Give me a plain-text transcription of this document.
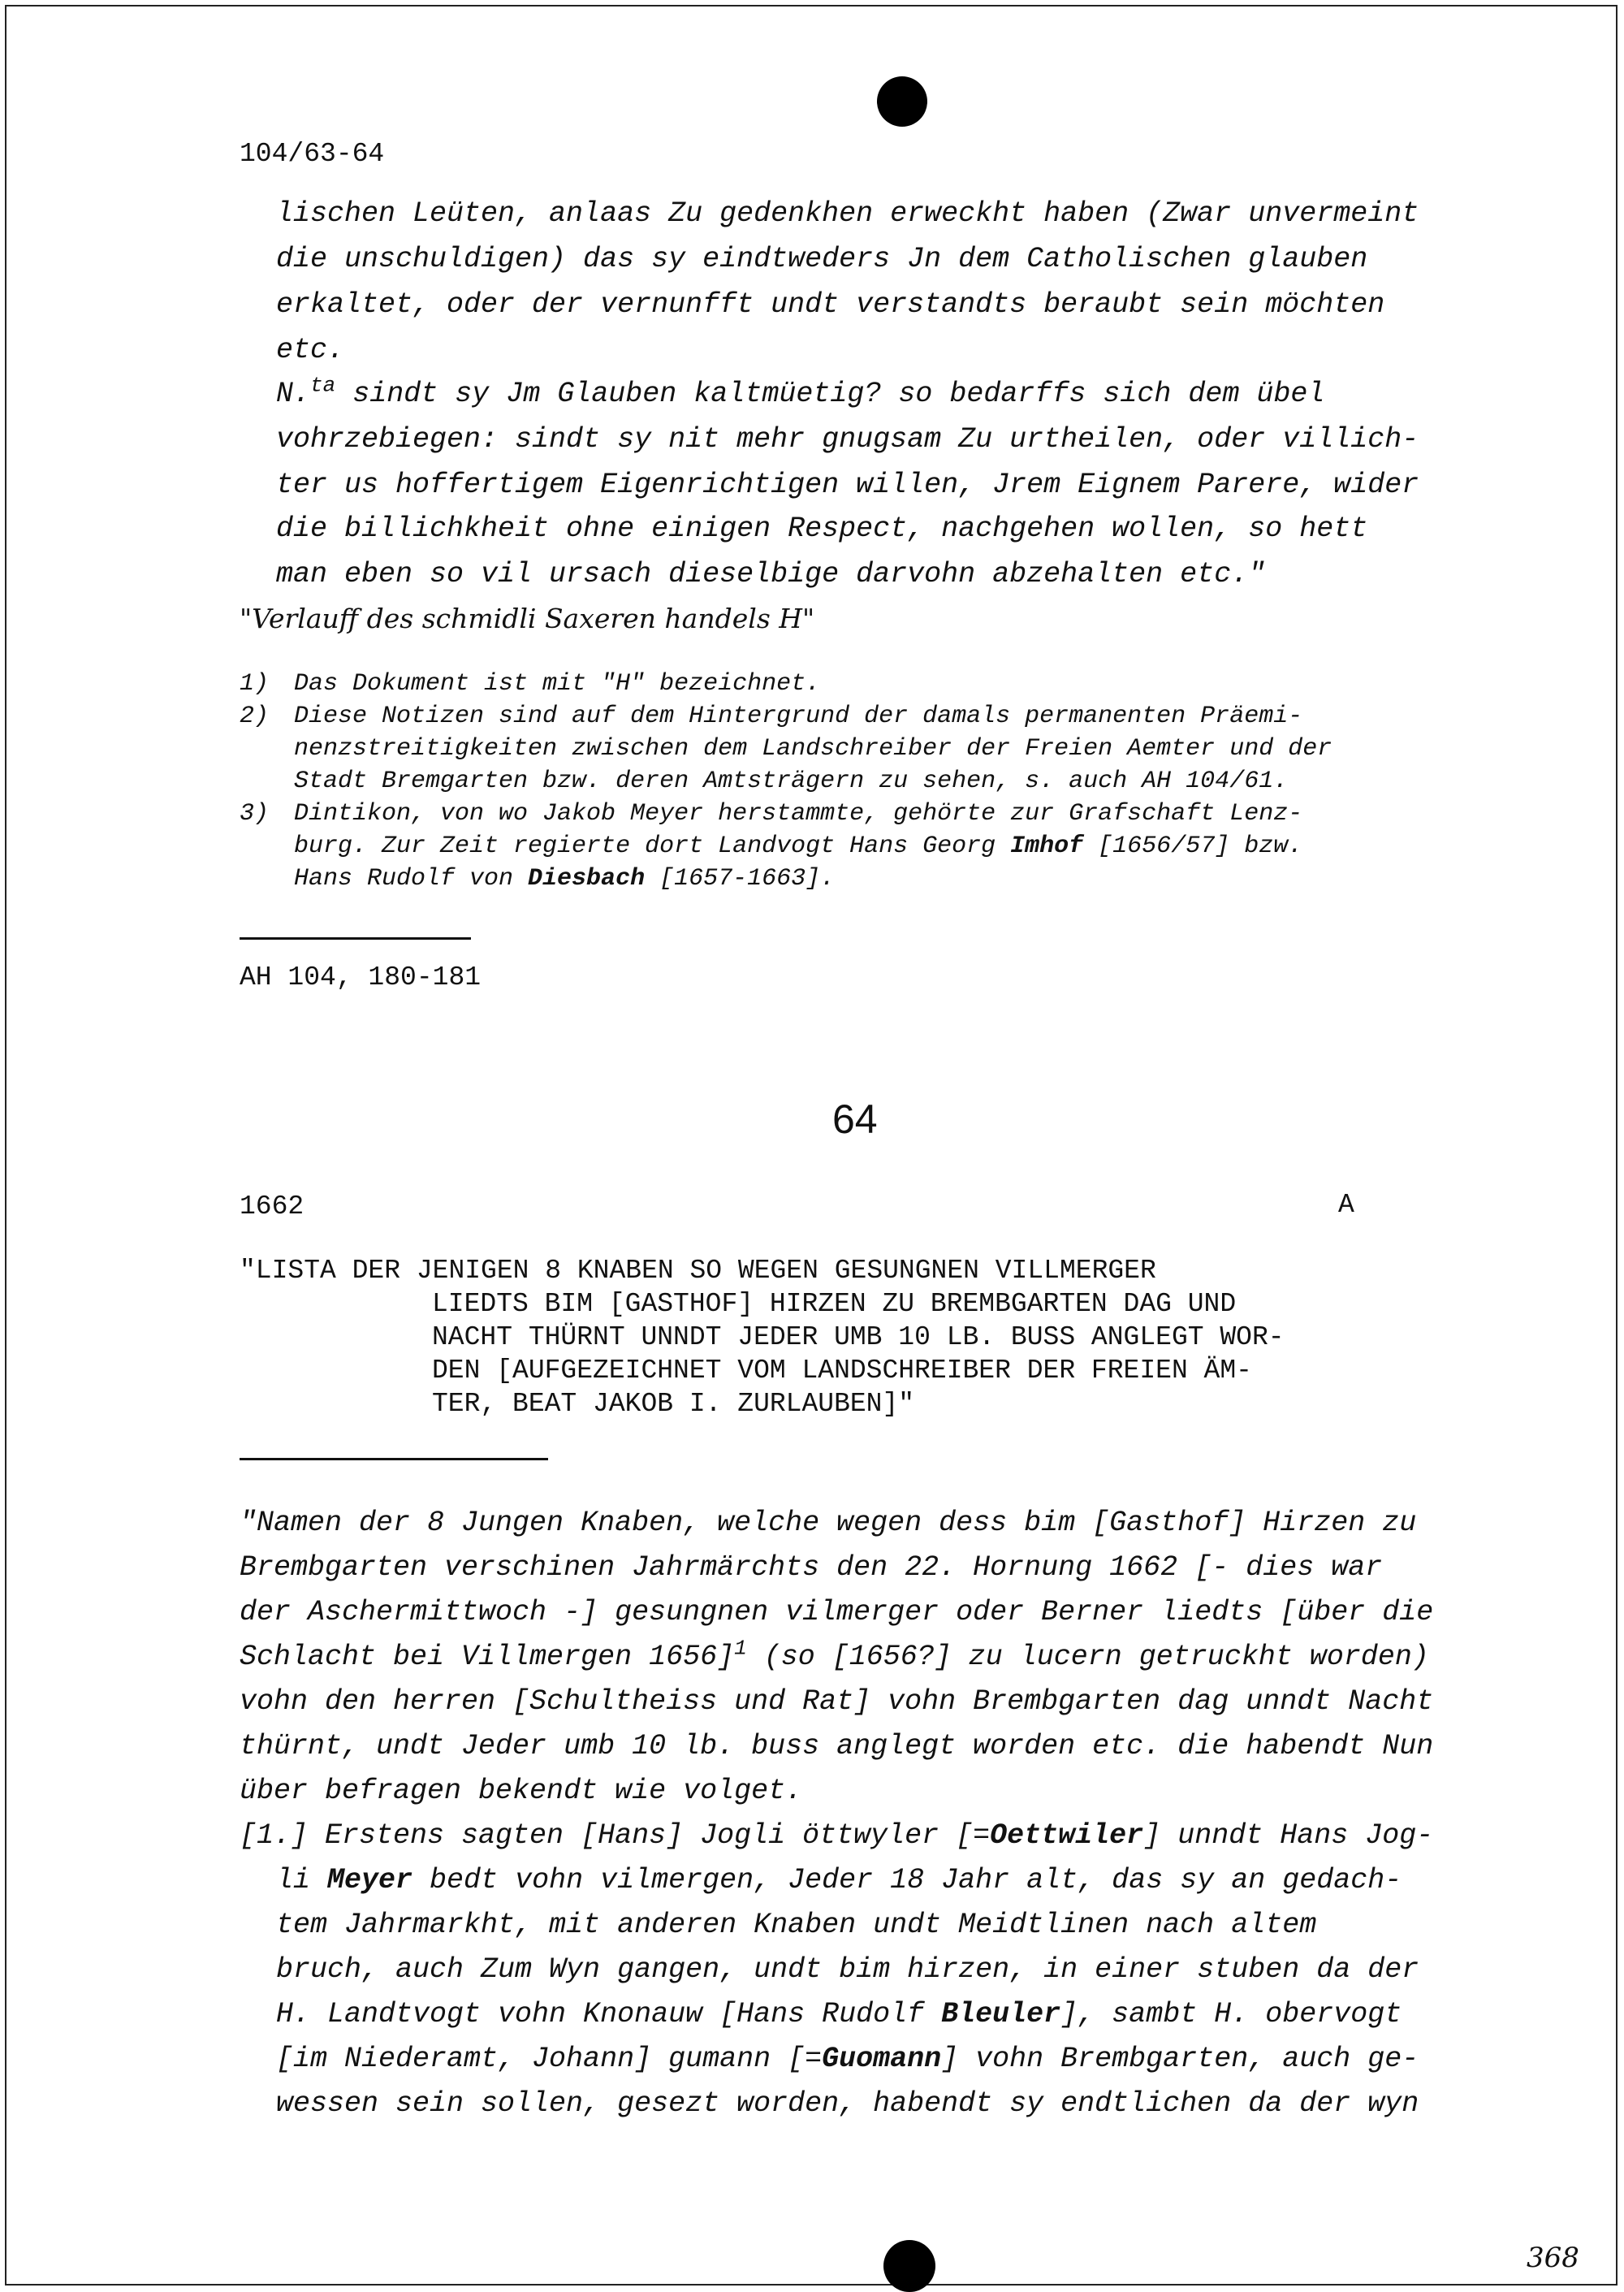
104/63-64
lischen Leüten, anlaas Zu gedenkhen erweckht haben (Zwar unvermeint
die unschuldigen) das sy eindtweders Jn dem Catholischen glauben
erkaltet, oder der vernunfft undt verstandts beraubt sein möchten
etc.
N.$^{ta}$ sindt sy Jm Glauben kaltmüetig? so bedarffs sich dem übel
vohrzebiegen: sindt sy nit mehr gnugsam Zu urtheilen, oder villich-
ter us hoffertigem Eigenrichtigen willen, Jrem Eignem Parere, wider
die billichkheit ohne einigen Respect, nachgehen wollen, so hett
man eben so vil ursach dieselbige darvohn abzehalten etc."
"Verlauff des schmidli Saxeren handels H"
1) Das Dokument ist mit "H" bezeichnet.
2) Diese Notizen sind auf dem Hintergrund der damals permanenten Präemi-
nenzstreitigkeiten zwischen dem Landschreiber der Freien Aemter und der
Stadt Bremgarten bzw. deren Amtsträgern zu sehen, s. auch AH 104/61.
3) Dintikon, von wo Jakob Meyer herstammte, gehörte zur Grafschaft Lenz-
burg. Zur Zeit regierte dort Landvogt Hans Georg Imhof [1656/57] bzw.
Hans Rudolf von Diesbach [1657-1663].
AH 104, 180-181
64
1662	A
"LISTA DER JENIGEN 8 KNABEN SO WEGEN GESUNGNEN VILLMERGER
LIEDTS BIM [GASTHOF] HIRZEN ZU BREMBGARTEN DAG UND
NACHT THÜRNT UNNDT JEDER UMB 10 LB. BUSS ANGLEGT WOR-
DEN [AUFGEZEICHNET VOM LANDSCHREIBER DER FREIEN ÄM-
TER, BEAT JAKOB I. ZURLAUBEN]"
"Namen der 8 Jungen Knaben, welche wegen dess bim [Gasthof] Hirzen zu
Brembgarten verschinen Jahrmärchts den 22. Hornung 1662 [- dies war
der Aschermittwoch -] gesungnen vilmerger oder Berner liedts [über die
Schlacht bei Villmergen 1656]$^1$ (so [1656?] zu lucern getruckht worden)
vohn den herren [Schultheiss und Rat] vohn Brembgarten dag unndt Nacht
thürnt, undt Jeder umb 10 lb. buss anglegt worden etc. die habendt Nun
über befragen bekendt wie volget.
[1.] Erstens sagten [Hans] Jogli öttwyler [=Oettwiler] unndt Hans Jog-
li Meyer bedt vohn vilmergen, Jeder 18 Jahr alt, das sy an gedach-
tem Jahrmarkht, mit anderen Knaben undt Meidtlinen nach altem
bruch, auch Zum Wyn gangen, undt bim hirzen, in einer stuben da der
H. Landtvogt vohn Knonauw [Hans Rudolf Bleuler], sambt H. obervogt
[im Niederamt, Johann] gumann [=Guomann] vohn Brembgarten, auch ge-
wessen sein sollen, gesezt worden, habendt sy endtlichen da der wyn
368
